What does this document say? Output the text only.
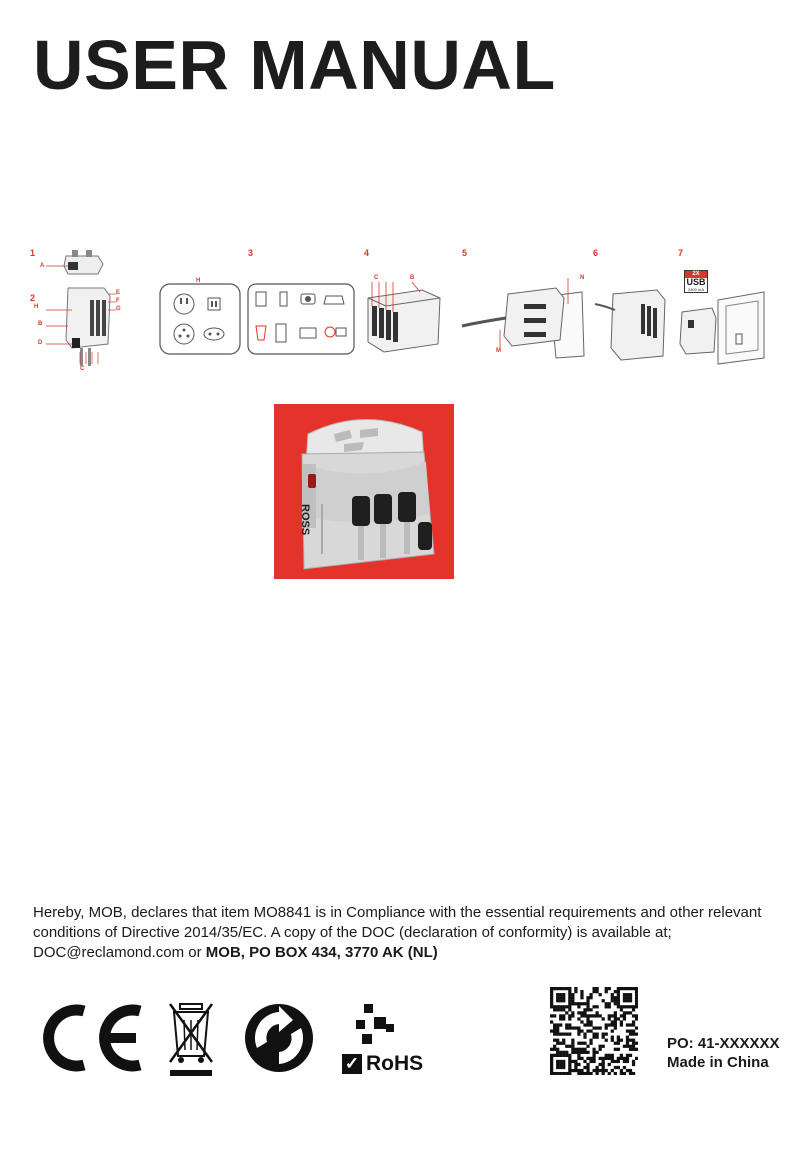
USER MANUAL
1
2
A
H
B
D
E
F
G
C
H
3	4
C	B
5
N
M
6	7
2X
USB
2400 mA
ROSS

Hereby, MOB, declares that item MO8841 is in Compliance with the essential requirements and other relevant conditions of Directive 2014/35/EC. A copy of the DOC (declaration of conformity) is available at; DOC@reclamond.com or MOB, PO BOX 434, 3770 AK (NL)

✓ RoHS
PO: 41-XXXXXX
Made in China
